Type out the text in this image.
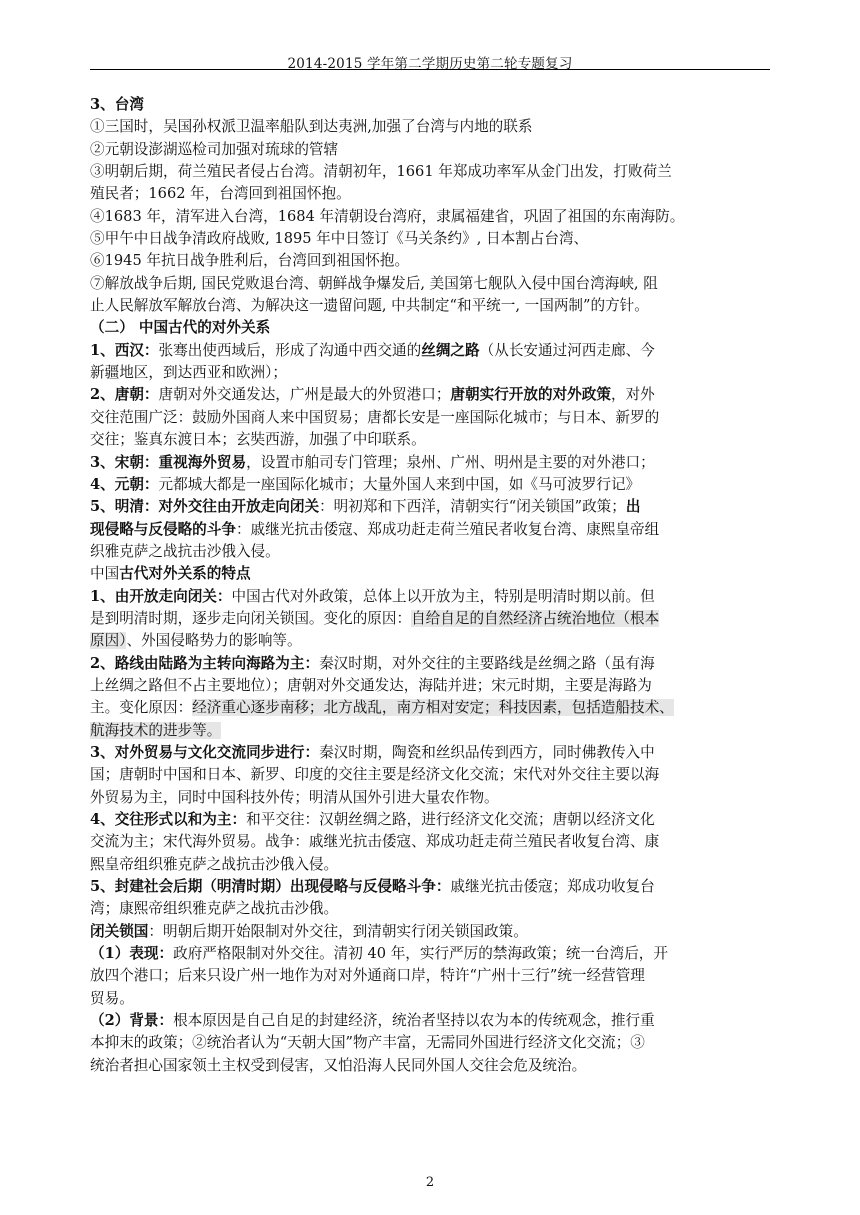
2014-2015 学年第二学期历史第二轮专题复习
3、台湾
①三国时，吴国孙权派卫温率船队到达夷洲,加强了台湾与内地的联系
②元朝设澎湖巡检司加强对琉球的管辖
③明朝后期，荷兰殖民者侵占台湾。清朝初年，1661 年郑成功率军从金门出发，打败荷兰
殖民者；1662 年，台湾回到祖国怀抱。
④1683 年，清军进入台湾，1684 年清朝设台湾府，隶属福建省，巩固了祖国的东南海防。
⑤甲午中日战争清政府战败, 1895 年中日签订《马关条约》, 日本割占台湾、
⑥1945 年抗日战争胜利后，台湾回到祖国怀抱。
⑦解放战争后期, 国民党败退台湾、朝鲜战争爆发后, 美国第七舰队入侵中国台湾海峡, 阻
止人民解放军解放台湾、为解决这一遗留问题, 中共制定“和平统一, 一国两制”的方针。
（二） 中国古代的对外关系
1、西汉：张骞出使西域后，形成了沟通中西交通的丝绸之路（从长安通过河西走廊、今
新疆地区，到达西亚和欧洲）；
2、唐朝：唐朝对外交通发达，广州是最大的外贸港口；唐朝实行开放的对外政策，对外
交往范围广泛：鼓励外国商人来中国贸易；唐都长安是一座国际化城市；与日本、新罗的
交往；鉴真东渡日本；玄奘西游，加强了中印联系。
3、宋朝：重视海外贸易，设置市舶司专门管理；泉州、广州、明州是主要的对外港口；
4、元朝：元都城大都是一座国际化城市；大量外国人来到中国，如《马可波罗行记》
5、明清：对外交往由开放走向闭关：明初郑和下西洋，清朝实行“闭关锁国”政策；出
现侵略与反侵略的斗争：戚继光抗击倭寇、郑成功赶走荷兰殖民者收复台湾、康熙皇帝组
织雅克萨之战抗击沙俄入侵。
中国古代对外关系的特点
1、由开放走向闭关：中国古代对外政策，总体上以开放为主，特别是明清时期以前。但
是到明清时期，逐步走向闭关锁国。变化的原因：自给自足的自然经济占统治地位（根本
原因）、外国侵略势力的影响等。
2、路线由陆路为主转向海路为主：秦汉时期，对外交往的主要路线是丝绸之路（虽有海
上丝绸之路但不占主要地位）；唐朝对外交通发达，海陆并进；宋元时期，主要是海路为
主。变化原因：经济重心逐步南移；北方战乱，南方相对安定；科技因素，包括造船技术、
航海技术的进步等。
3、对外贸易与文化交流同步进行：秦汉时期，陶瓷和丝织品传到西方，同时佛教传入中
国；唐朝时中国和日本、新罗、印度的交往主要是经济文化交流；宋代对外交往主要以海
外贸易为主，同时中国科技外传；明清从国外引进大量农作物。
4、交往形式以和为主：和平交往：汉朝丝绸之路，进行经济文化交流；唐朝以经济文化
交流为主；宋代海外贸易。战争：戚继光抗击倭寇、郑成功赶走荷兰殖民者收复台湾、康
熙皇帝组织雅克萨之战抗击沙俄入侵。
5、封建社会后期（明清时期）出现侵略与反侵略斗争：戚继光抗击倭寇；郑成功收复台
湾；康熙帝组织雅克萨之战抗击沙俄。
闭关锁国：明朝后期开始限制对外交往，到清朝实行闭关锁国政策。
（1）表现：政府严格限制对外交往。清初 40 年，实行严厉的禁海政策；统一台湾后，开
放四个港口；后来只设广州一地作为对对外通商口岸，特许“广州十三行”统一经营管理
贸易。
（2）背景：根本原因是自己自足的封建经济，统治者坚持以农为本的传统观念，推行重
本抑末的政策；②统治者认为“天朝大国”物产丰富，无需同外国进行经济文化交流；③
统治者担心国家领土主权受到侵害，又怕沿海人民同外国人交往会危及统治。
2
